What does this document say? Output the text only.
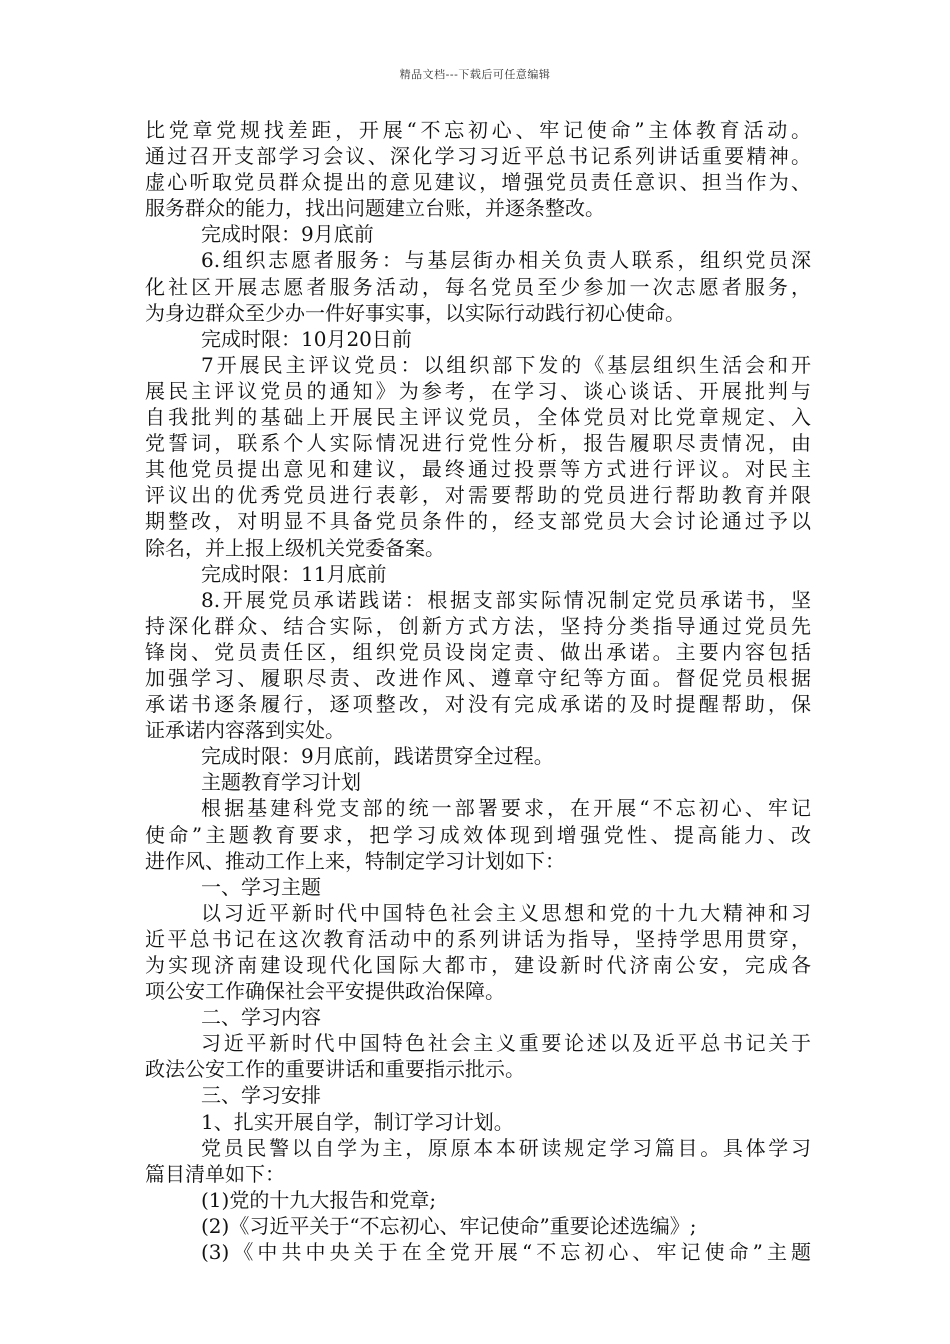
精品文档---下载后可任意编辑
比党章党规找差距，开展“不忘初心、牢记使命”主体教育活动。
通过召开支部学习会议、深化学习习近平总书记系列讲话重要精神。
虚心听取党员群众提出的意见建议，增强党员责任意识、担当作为、
服务群众的能力，找出问题建立台账，并逐条整改。
完成时限：9月底前
6.组织志愿者服务：与基层街办相关负责人联系，组织党员深
化社区开展志愿者服务活动，每名党员至少参加一次志愿者服务，
为身边群众至少办一件好事实事，以实际行动践行初心使命。
完成时限：10月20日前
7开展民主评议党员：以组织部下发的《基层组织生活会和开
展民主评议党员的通知》为参考，在学习、谈心谈话、开展批判与
自我批判的基础上开展民主评议党员，全体党员对比党章规定、入
党誓词，联系个人实际情况进行党性分析，报告履职尽责情况，由
其他党员提出意见和建议，最终通过投票等方式进行评议。对民主
评议出的优秀党员进行表彰，对需要帮助的党员进行帮助教育并限
期整改，对明显不具备党员条件的，经支部党员大会讨论通过予以
除名，并上报上级机关党委备案。
完成时限：11月底前
8.开展党员承诺践诺：根据支部实际情况制定党员承诺书，坚
持深化群众、结合实际，创新方式方法，坚持分类指导通过党员先
锋岗、党员责任区，组织党员设岗定责、做出承诺。主要内容包括
加强学习、履职尽责、改进作风、遵章守纪等方面。督促党员根据
承诺书逐条履行，逐项整改，对没有完成承诺的及时提醒帮助，保
证承诺内容落到实处。
完成时限：9月底前，践诺贯穿全过程。
主题教育学习计划
根据基建科党支部的统一部署要求，在开展“不忘初心、牢记
使命”主题教育要求，把学习成效体现到增强党性、提高能力、改
进作风、推动工作上来，特制定学习计划如下：
一、学习主题
以习近平新时代中国特色社会主义思想和党的十九大精神和习
近平总书记在这次教育活动中的系列讲话为指导，坚持学思用贯穿，
为实现济南建设现代化国际大都市，建设新时代济南公安，完成各
项公安工作确保社会平安提供政治保障。
二、学习内容
习近平新时代中国特色社会主义重要论述以及近平总书记关于
政法公安工作的重要讲话和重要指示批示。
三、学习安排
1、扎实开展自学，制订学习计划。
党员民警以自学为主，原原本本研读规定学习篇目。具体学习
篇目清单如下：
(1)党的十九大报告和党章;
(2)《习近平关于“不忘初心、牢记使命”重要论述选编》;
(3)《中共中央关于在全党开展“不忘初心、牢记使命”主题
